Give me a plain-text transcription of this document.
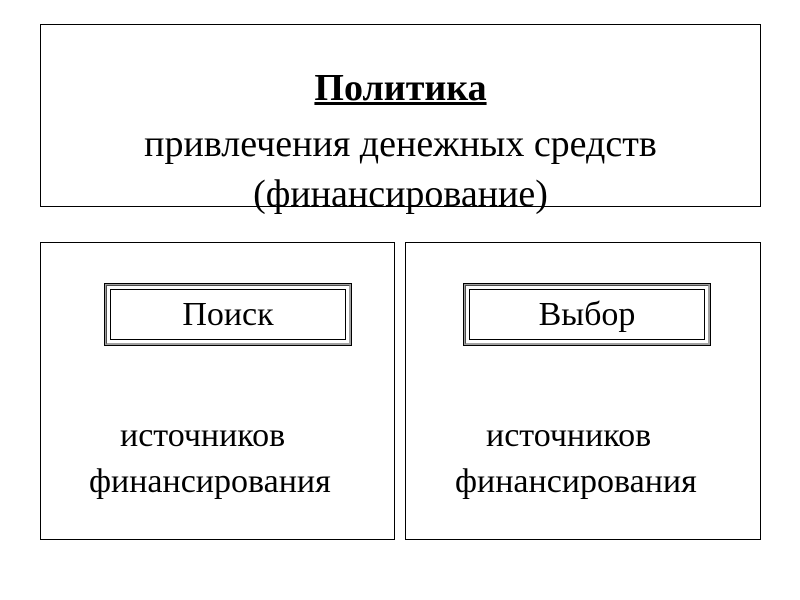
Политика
привлечения денежных средств
(финансирование)
Поиск
источников
финансирования
Выбор
источников
финансирования
